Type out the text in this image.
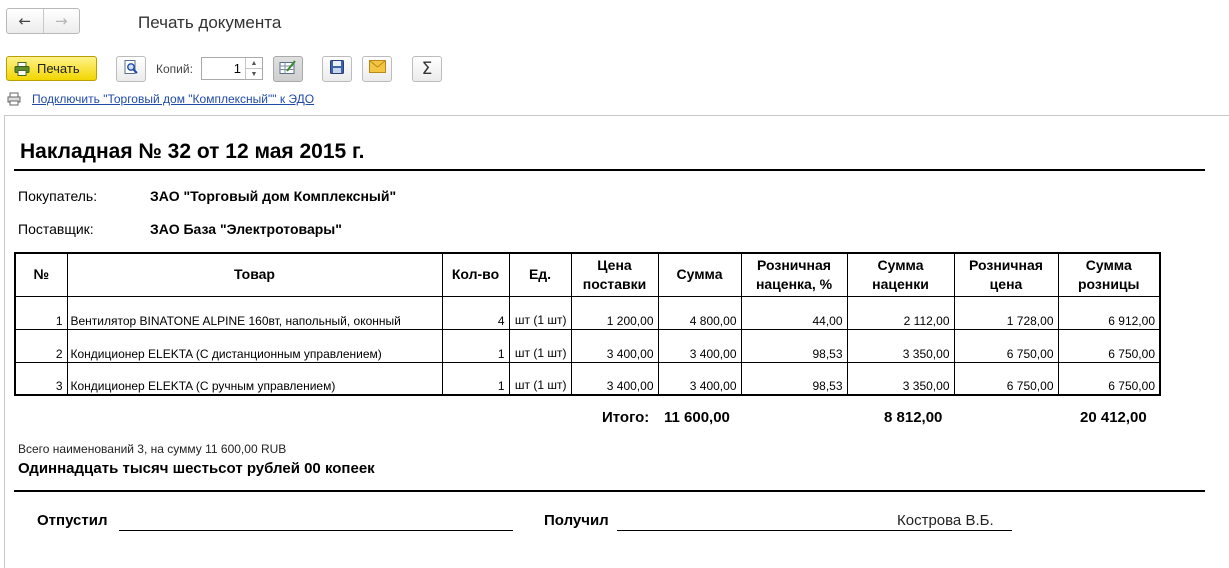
← →	Печать документа
Печать	Копий:
1	▲
▼	Σ
Подключить "Торговый дом "Комплексный"" к ЭДО
Накладная № 32 от 12 мая 2015 г.
Покупатель:	ЗАО "Торговый дом Комплексный"
Поставщик:	ЗАО База "Электротовары"
№	Товар	Кол-во	Ед.	Цена поставки	Сумма	Розничная наценка, %	Сумма наценки	Розничная цена	Сумма розницы
1	Вентилятор BINATONE ALPINE 160вт, напольный, оконный	4	шт (1 шт)	1 200,00	4 800,00	44,00	2 112,00	1 728,00	6 912,00
2	Кондиционер ELEKTA (С дистанционным управлением)	1	шт (1 шт)	3 400,00	3 400,00	98,53	3 350,00	6 750,00	6 750,00
3	Кондиционер ELEKTA (С ручным управлением)	1	шт (1 шт)	3 400,00	3 400,00	98,53	3 350,00	6 750,00	6 750,00
Итого: 11 600,00	8 812,00	20 412,00
Всего наименований 3, на сумму 11 600,00 RUB
Одиннадцать тысяч шестьсот рублей 00 копеек
Отпустил	Получил	Кострова В.Б.
